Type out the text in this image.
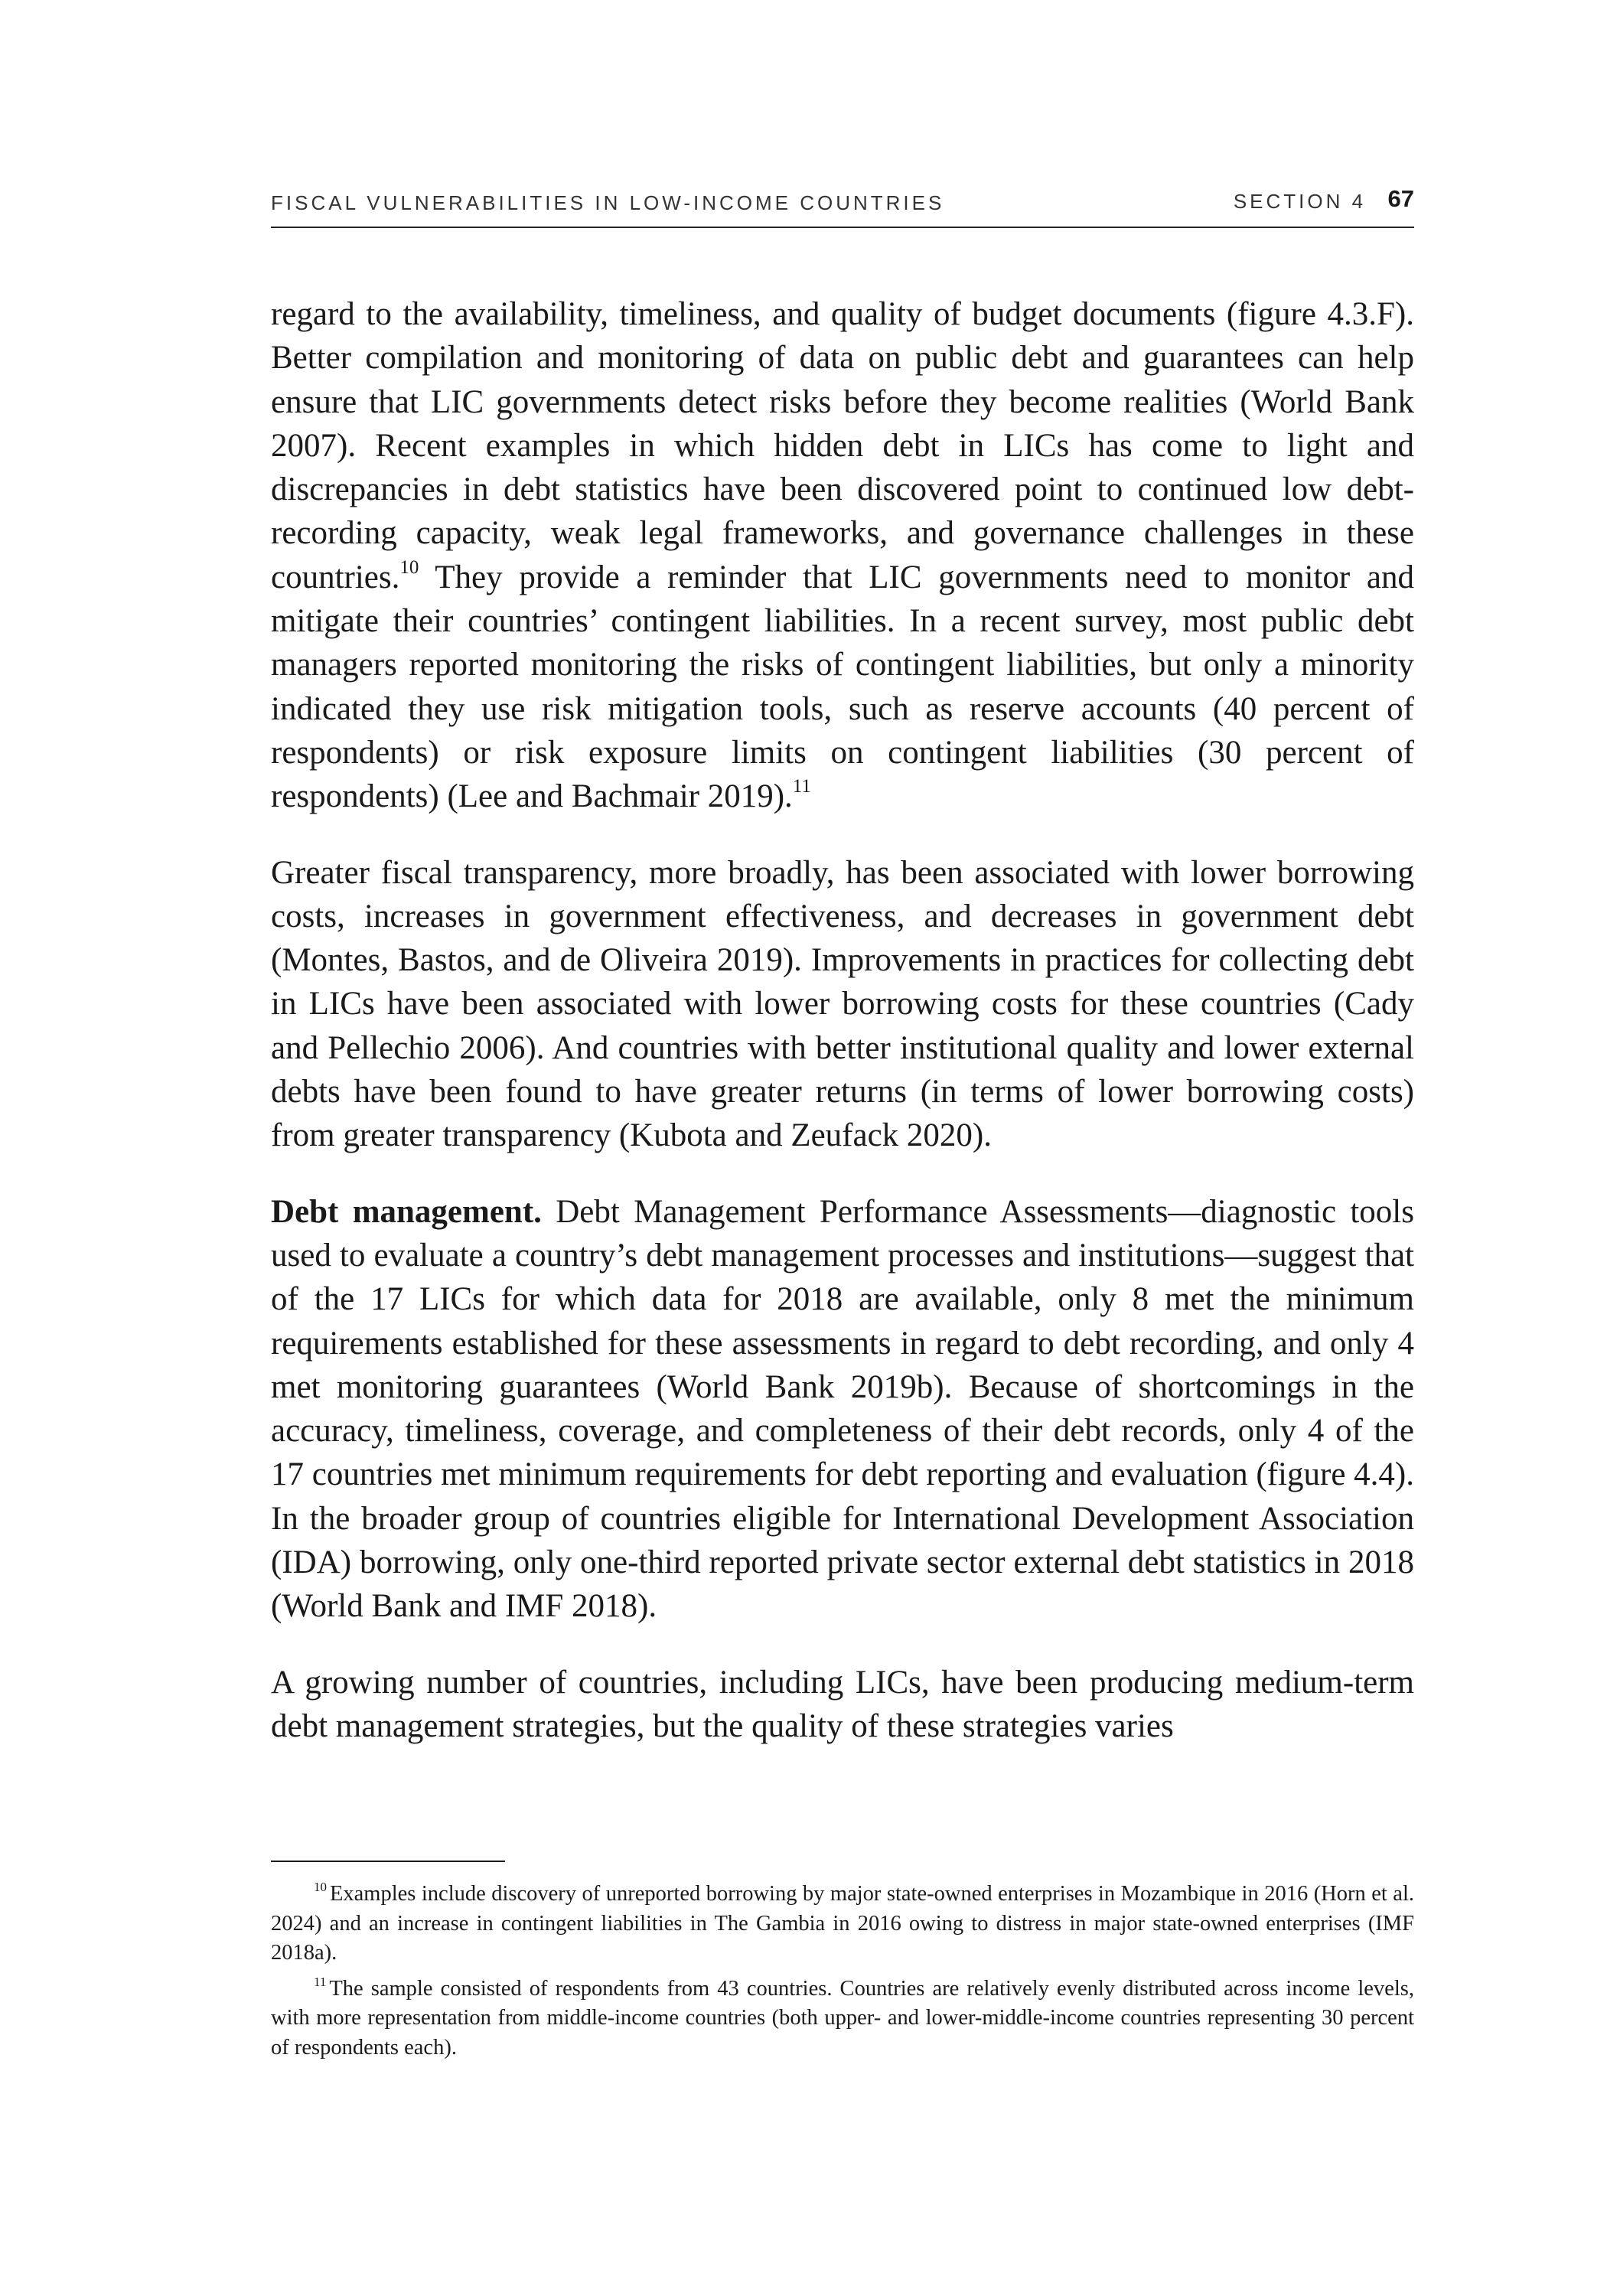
FISCAL VULNERABILITIES IN LOW-INCOME COUNTRIES	SECTION 4 67

regard to the availability, timeliness, and quality of budget documents (figure 4.3.F). Better compilation and monitoring of data on public debt and guarantees can help ensure that LIC governments detect risks before they become realities (World Bank 2007). Recent examples in which hidden debt in LICs has come to light and discrepancies in debt statistics have been discovered point to continued low debt-recording capacity, weak legal frameworks, and governance challenges in these countries.$^{10}$ They provide a reminder that LIC governments need to monitor and mitigate their countries’ contingent liabilities. In a recent survey, most public debt managers reported monitoring the risks of contingent liabilities, but only a minority indicated they use risk mitigation tools, such as reserve accounts (40 percent of respondents) or risk exposure limits on contingent liabilities (30 percent of respondents) (Lee and Bachmair 2019).$^{11}$

Greater fiscal transparency, more broadly, has been associated with lower borrowing costs, increases in government effectiveness, and decreases in government debt (Montes, Bastos, and de Oliveira 2019). Improvements in practices for collecting debt in LICs have been associated with lower borrowing costs for these countries (Cady and Pellechio 2006). And countries with better institutional quality and lower external debts have been found to have greater returns (in terms of lower borrowing costs) from greater transparency (Kubota and Zeufack 2020).

Debt management. Debt Management Performance Assessments—diagnostic tools used to evaluate a country’s debt management processes and institutions—suggest that of the 17 LICs for which data for 2018 are available, only 8 met the minimum requirements established for these assessments in regard to debt recording, and only 4 met monitoring guarantees (World Bank 2019b). Because of shortcomings in the accuracy, timeliness, coverage, and completeness of their debt records, only 4 of the 17 countries met minimum requirements for debt reporting and evaluation (figure 4.4). In the broader group of countries eligible for International Development Association (IDA) borrowing, only one-third reported private sector external debt statistics in 2018 (World Bank and IMF 2018).

A growing number of countries, including LICs, have been producing medium-term debt management strategies, but the quality of these strategies varies

$^{10}$ Examples include discovery of unreported borrowing by major state-owned enterprises in Mozambique in 2016 (Horn et al. 2024) and an increase in contingent liabilities in The Gambia in 2016 owing to distress in major state-owned enterprises (IMF 2018a).

$^{11}$ The sample consisted of respondents from 43 countries. Countries are relatively evenly distributed across income levels, with more representation from middle-income countries (both upper- and lower-middle-income countries representing 30 percent of respondents each).
